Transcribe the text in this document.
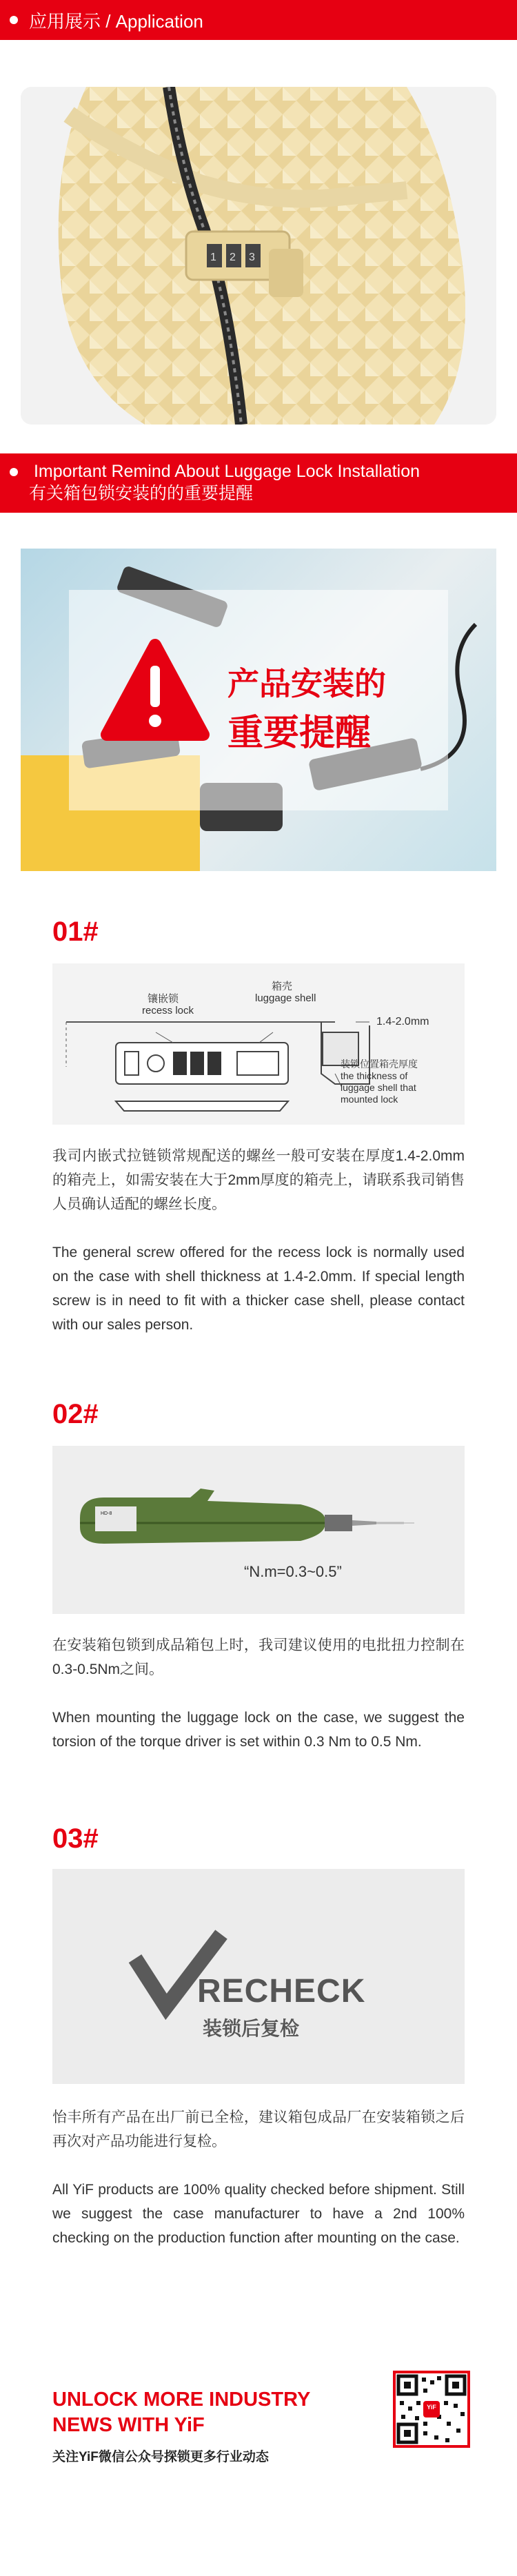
应用展示 / Application
1 2 3
Important Remind About Luggage Lock Installation
有关箱包锁安装的的重要提醒
产品安装的
重要提醒
01#
镶嵌锁
recess lock
箱壳
luggage shell
1.4-2.0mm
装锁位置箱壳厚度
the thickness of
luggage shell that
mounted lock
我司内嵌式拉链锁常规配送的螺丝一般可安装在厚度1.4-2.0mm的箱壳上，如需安装在大于2mm厚度的箱壳上，请联系我司销售人员确认适配的螺丝长度。
The general screw offered for the recess lock is normally used on the case with shell thickness at 1.4-2.0mm. If special length screw is in need to fit with a thicker case shell, please contact with our sales person.
02#
HD-8
“N.m=0.3~0.5”
在安装箱包锁到成品箱包上时，我司建议使用的电批扭力控制在0.3-0.5Nm之间。
When mounting the luggage lock on the case, we suggest the torsion of the torque driver is set within 0.3 Nm to 0.5 Nm.
03#
RECHECK
装锁后复检
怡丰所有产品在出厂前已全检，建议箱包成品厂在安装箱锁之后再次对产品功能进行复检。
All YiF products are 100% quality checked before shipment. Still we suggest the case manufacturer to have a 2nd 100% checking on the production function after mounting on the case.
UNLOCK MORE INDUSTRY
NEWS WITH YiF
关注YiF微信公众号探锁更多行业动态
YiF
